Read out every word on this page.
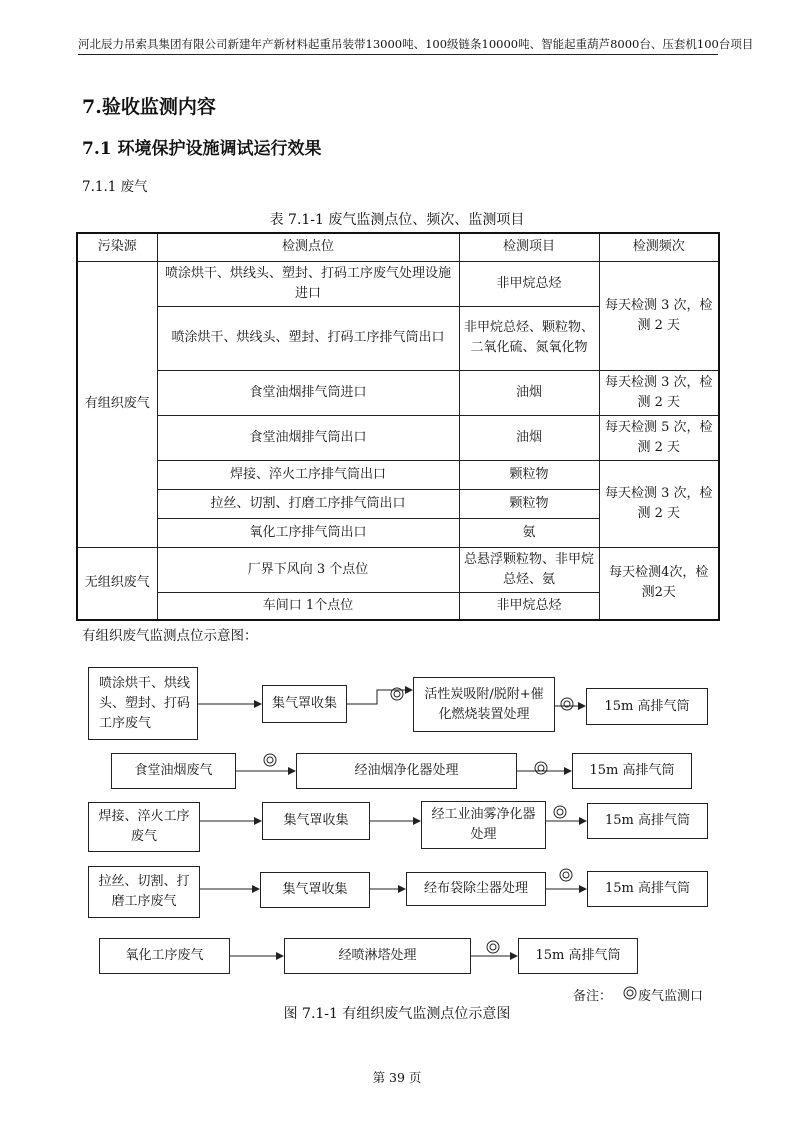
河北辰力吊索具集团有限公司新建年产新材料起重吊装带13000吨、100级链条10000吨、智能起重葫芦8000台、压套机100台项目
7.验收监测内容
7.1 环境保护设施调试运行效果
7.1.1 废气
表 7.1-1 废气监测点位、频次、监测项目
污染源	检测点位	检测项目	检测频次
有组织废气	喷涂烘干、烘线头、塑封、打码工序废气处理设施进口	非甲烷总烃	每天检测 3 次，检测 2 天
	喷涂烘干、烘线头、塑封、打码工序排气筒出口	非甲烷总烃、颗粒物、二氧化硫、氮氧化物	
	食堂油烟排气筒进口	油烟	每天检测 3 次，检测 2 天
	食堂油烟排气筒出口	油烟	每天检测 5 次，检测 2 天
	焊接、淬火工序排气筒出口	颗粒物	每天检测 3 次，检测 2 天
	拉丝、切割、打磨工序排气筒出口	颗粒物	
	氧化工序排气筒出口	氨	
无组织废气	厂界下风向 3 个点位	总悬浮颗粒物、非甲烷总烃、氨	每天检测4次，检测2天
	车间口 1个点位	非甲烷总烃	
有组织废气监测点位示意图：
喷涂烘干、烘线头、塑封、打码工序废气
集气罩收集
活性炭吸附/脱附+催化燃烧装置处理
15m 高排气筒
食堂油烟废气	经油烟净化器处理	15m 高排气筒
焊接、淬火工序废气
集气罩收集	经工业油雾净化器处理
15m 高排气筒
拉丝、切割、打磨工序废气
集气罩收集	经布袋除尘器处理	15m 高排气筒
氧化工序废气	经喷淋塔处理	15m 高排气筒
备注： 废气监测口
图 7.1-1 有组织废气监测点位示意图
第 39 页
